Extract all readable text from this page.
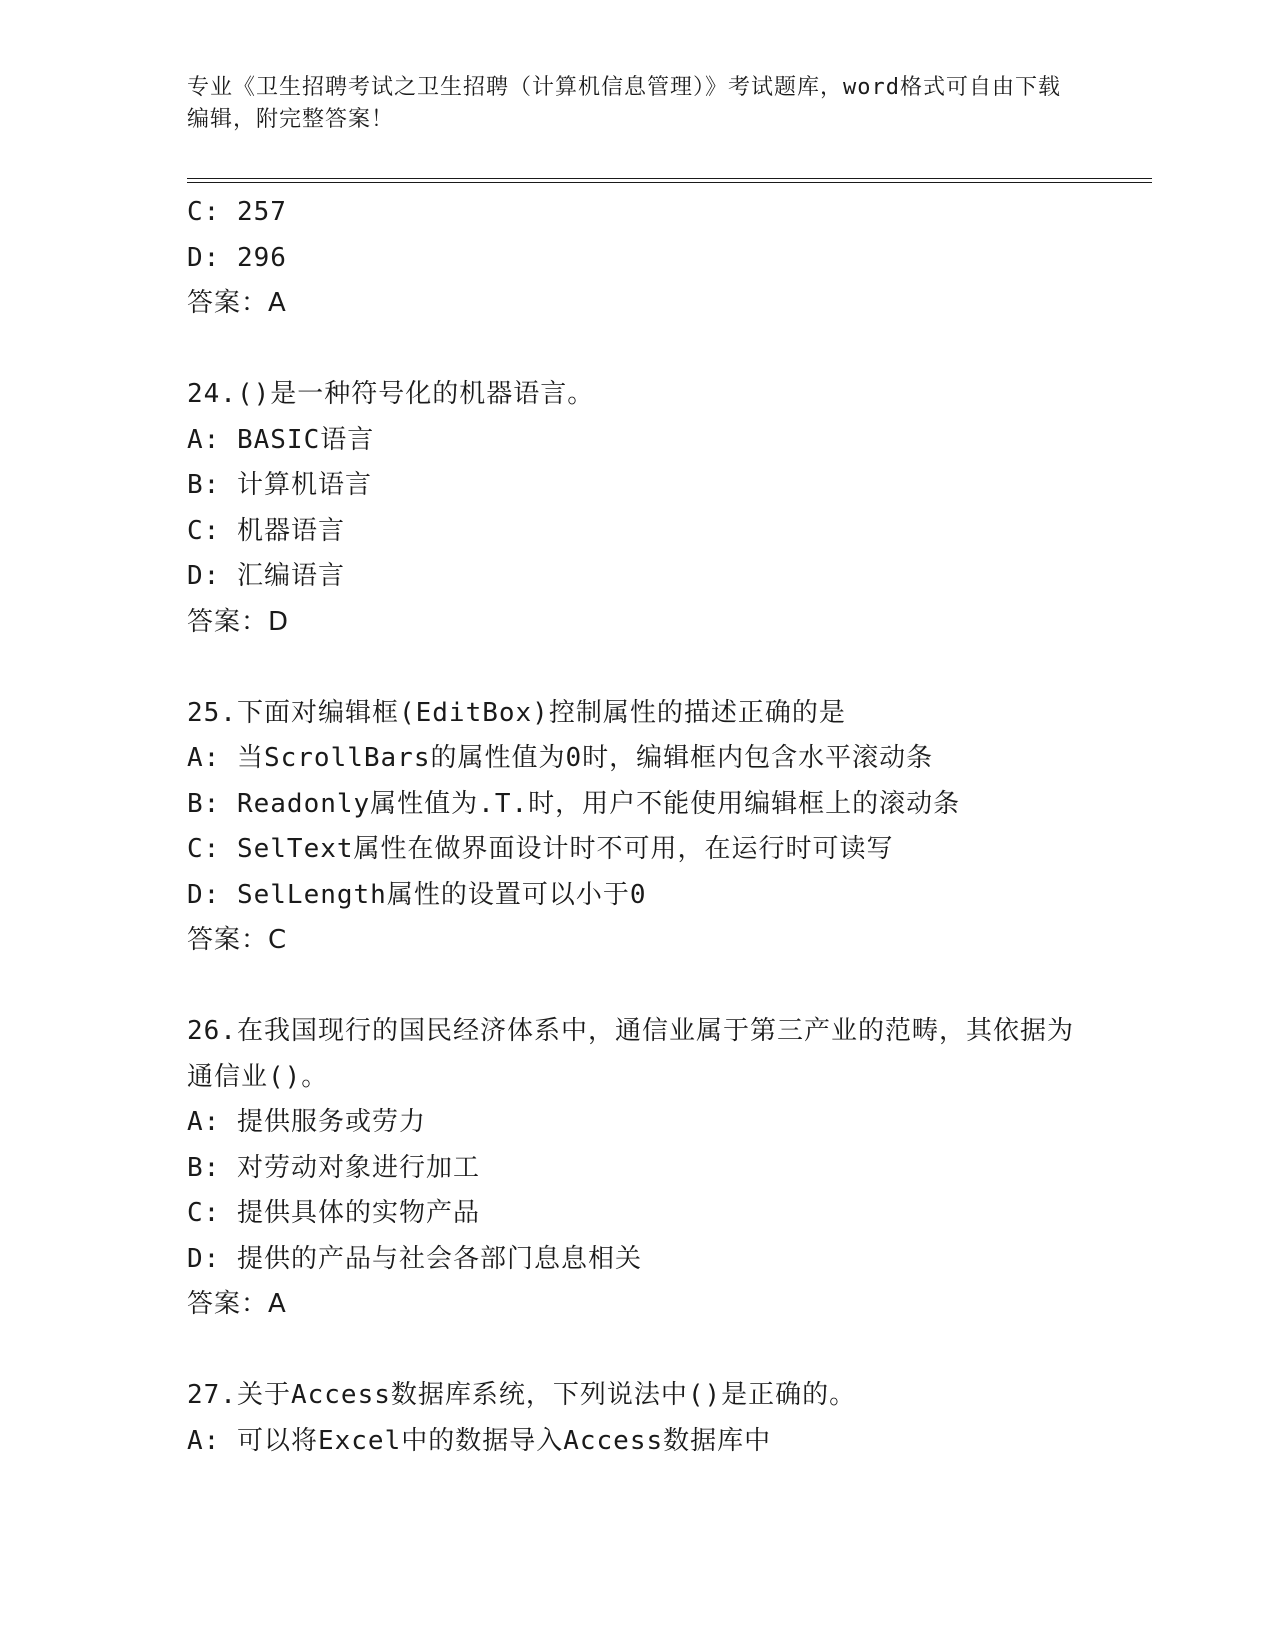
专业《卫生招聘考试之卫生招聘（计算机信息管理）》考试题库，word格式可自由下载编辑，附完整答案！
C: 257
D: 296
答案：A
24.()是一种符号化的机器语言。
A: BASIC语言
B: 计算机语言
C: 机器语言
D: 汇编语言
答案：D
25.下面对编辑框(EditBox)控制属性的描述正确的是
A: 当ScrollBars的属性值为0时，编辑框内包含水平滚动条
B: Readonly属性值为.T.时，用户不能使用编辑框上的滚动条
C: SelText属性在做界面设计时不可用，在运行时可读写
D: SelLength属性的设置可以小于0
答案：C
26.在我国现行的国民经济体系中，通信业属于第三产业的范畴，其依据为通信业()。
A: 提供服务或劳力
B: 对劳动对象进行加工
C: 提供具体的实物产品
D: 提供的产品与社会各部门息息相关
答案：A
27.关于Access数据库系统，下列说法中()是正确的。
A: 可以将Excel中的数据导入Access数据库中
